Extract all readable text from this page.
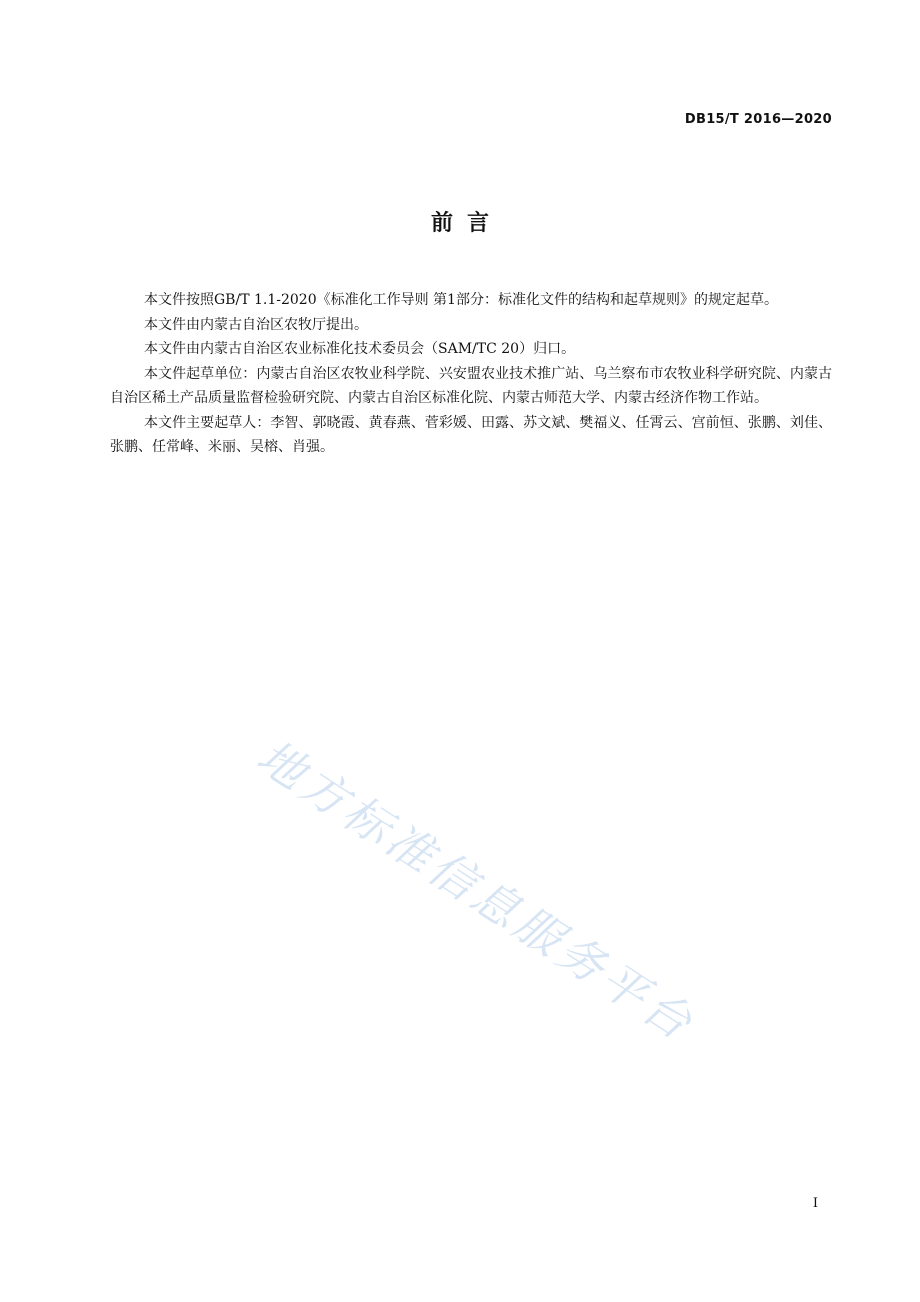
DB15/T 2016—2020
前言

本文件按照GB/T 1.1-2020《标准化工作导则 第1部分：标准化文件的结构和起草规则》的规定起草。

本文件由内蒙古自治区农牧厅提出。

本文件由内蒙古自治区农业标准化技术委员会（SAM/TC 20）归口。

本文件起草单位：内蒙古自治区农牧业科学院、兴安盟农业技术推广站、乌兰察布市农牧业科学研究院、内蒙古自治区稀土产品质量监督检验研究院、内蒙古自治区标准化院、内蒙古师范大学、内蒙古经济作物工作站。

本文件主要起草人：李智、郭晓霞、黄春燕、菅彩媛、田露、苏文斌、樊福义、任霄云、宫前恒、张鹏、刘佳、张鹏、任常峰、米丽、吴榕、肖强。

地方标准信息服务平台
I
